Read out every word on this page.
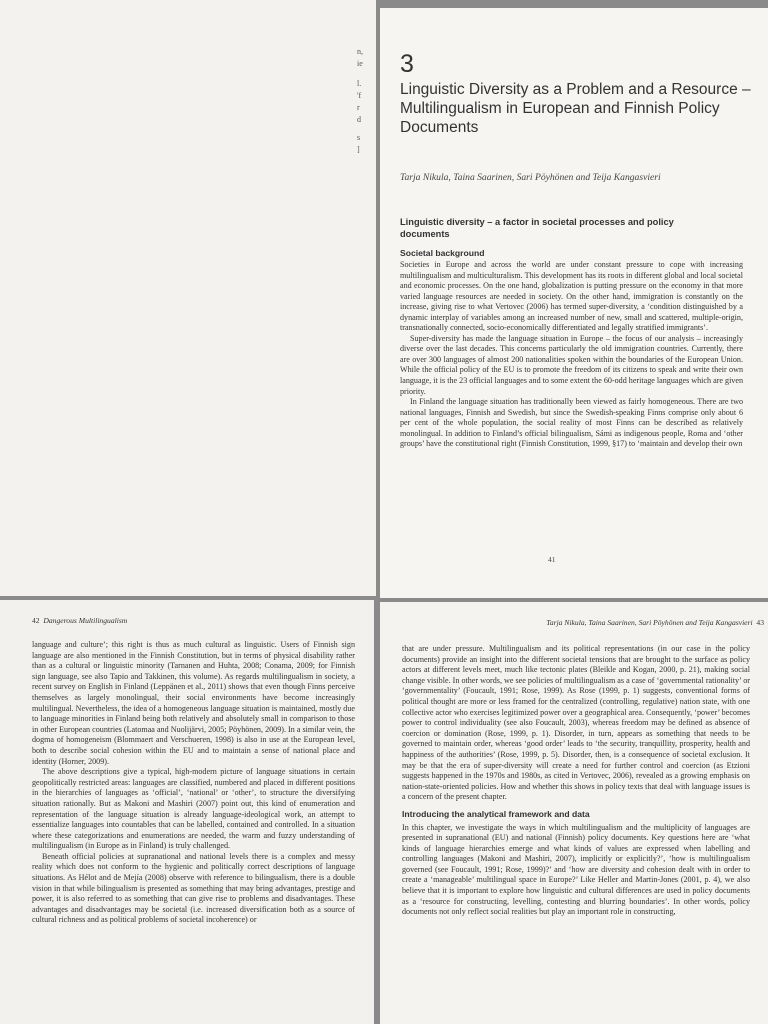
n,
ie
l.
'f
r
d
s
]
3
Linguistic Diversity as a Problem and a Resource – Multilingualism in European and Finnish Policy Documents
Tarja Nikula, Taina Saarinen, Sari Pöyhönen and Teija Kangasvieri
Linguistic diversity – a factor in societal processes and policy documents
Societal background

Societies in Europe and across the world are under constant pressure to cope with increasing multilingualism and multiculturalism. This development has its roots in different global and local societal and economic processes. On the one hand, globalization is putting pressure on the economy in that more varied language resources are needed in society. On the other hand, immigration is constantly on the increase, giving rise to what Vertovec (2006) has termed super-diversity, a ‘condition distinguished by a dynamic interplay of variables among an increased number of new, small and scattered, multiple-origin, transnationally connected, socio-economically differentiated and legally stratified immigrants’.

Super-diversity has made the language situation in Europe – the focus of our analysis – increasingly diverse over the last decades. This concerns particularly the old immigration countries. Currently, there are over 300 languages of almost 200 nationalities spoken within the boundaries of the European Union. While the official policy of the EU is to promote the freedom of its citizens to speak and write their own language, it is the 23 official languages and to some extent the 60-odd heritage languages which are given priority.

In Finland the language situation has traditionally been viewed as fairly homogeneous. There are two national languages, Finnish and Swedish, but since the Swedish-speaking Finns comprise only about 6 per cent of the whole population, the social reality of most Finns can be described as relatively monolingual. In addition to Finland’s official bilingualism, Sámi as indigenous people, Roma and ‘other groups’ have the constitutional right (Finnish Constitution, 1999, §17) to ‘maintain and develop their own

41
42 Dangerous Multilingualism

language and culture’; this right is thus as much cultural as linguistic. Users of Finnish sign language are also mentioned in the Finnish Constitution, but in terms of physical disability rather than as a cultural or linguistic minority (Tarnanen and Huhta, 2008; Conama, 2009; for Finnish sign language, see also Tapio and Takkinen, this volume). As regards multilingualism in society, a recent survey on English in Finland (Leppänen et al., 2011) shows that even though Finns perceive themselves as largely monolingual, their social environments have become increasingly multilingual. Nevertheless, the idea of a homogeneous language situation is maintained, mostly due to language minorities in Finland being both relatively and absolutely small in comparison to those in other European countries (Latomaa and Nuolijärvi, 2005; Pöyhönen, 2009). In a similar vein, the dogma of homogeneism (Blommaert and Verschueren, 1998) is also in use at the European level, both to describe social cohesion within the EU and to maintain a sense of national place and identity (Horner, 2009).

The above descriptions give a typical, high-modern picture of language situations in certain geopolitically restricted areas: languages are classified, numbered and placed in different positions in the hierarchies of languages as ‘official’, ‘national’ or ‘other’, to structure the diversifying situation rationally. But as Makoni and Mashiri (2007) point out, this kind of enumeration and representation of the language situation is already language-ideological work, an attempt to essentialize languages into countables that can be labelled, contained and controlled. In a situation where these categorizations and enumerations are needed, the warm and fuzzy understanding of multilingualism (in Europe as in Finland) is truly challenged.

Beneath official policies at supranational and national levels there is a complex and messy reality which does not conform to the hygienic and politically correct descriptions of language situations. As Hélot and de Mejía (2008) observe with reference to bilingualism, there is a double vision in that while bilingualism is presented as something that may bring advantages, prestige and power, it is also referred to as something that can give rise to problems and disadvantages. These advantages and disadvantages may be societal (i.e. increased diversification both as a source of cultural richness and as political problems of societal incoherence) or

Tarja Nikula, Taina Saarinen, Sari Pöyhönen and Teija Kangasvieri 43

that are under pressure. Multilingualism and its political representations (in our case in the policy documents) provide an insight into the different societal tensions that are brought to the surface as policy actors at different levels meet, much like tectonic plates (Bleikle and Kogan, 2000, p. 21), making social change visible. In other words, we see policies of multilingualism as a case of ‘governmental rationality’ or ‘governmentality’ (Foucault, 1991; Rose, 1999). As Rose (1999, p. 1) suggests, conventional forms of political thought are more or less framed for the centralized (controlling, regulative) nation state, with one collective actor who exercises legitimized power over a geographical area. Consequently, ‘power’ becomes power to control individuality (see also Foucault, 2003), whereas freedom may be defined as absence of coercion or domination (Rose, 1999, p. 1). Disorder, in turn, appears as something that needs to be governed to maintain order, whereas ‘good order’ leads to ‘the security, tranquillity, prosperity, health and happiness of the authorities’ (Rose, 1999, p. 5). Disorder, then, is a consequence of societal exclusion. It may be that the era of super-diversity will create a need for further control and coercion (as Etzioni suggests happened in the 1970s and 1980s, as cited in Vertovec, 2006), revealed as a growing emphasis on nation-state-oriented policies. How and whether this shows in policy texts that deal with language issues is a concern of the present chapter.

Introducing the analytical framework and data

In this chapter, we investigate the ways in which multilingualism and the multiplicity of languages are presented in supranational (EU) and national (Finnish) policy documents. Key questions here are ‘what kinds of language hierarchies emerge and what kinds of values are expressed when labelling and controlling languages (Makoni and Mashiri, 2007), implicitly or explicitly?’, ‘how is multilingualism governed (see Foucault, 1991; Rose, 1999)?’ and ‘how are diversity and cohesion dealt with in order to create a ‘manageable’ multilingual space in Europe?’ Like Heller and Martin-Jones (2001, p. 4), we also believe that it is important to explore how linguistic and cultural differences are used in policy documents as a ‘resource for constructing, levelling, contesting and blurring boundaries’. In other words, policy documents not only reflect social realities but play an important role in constructing,
